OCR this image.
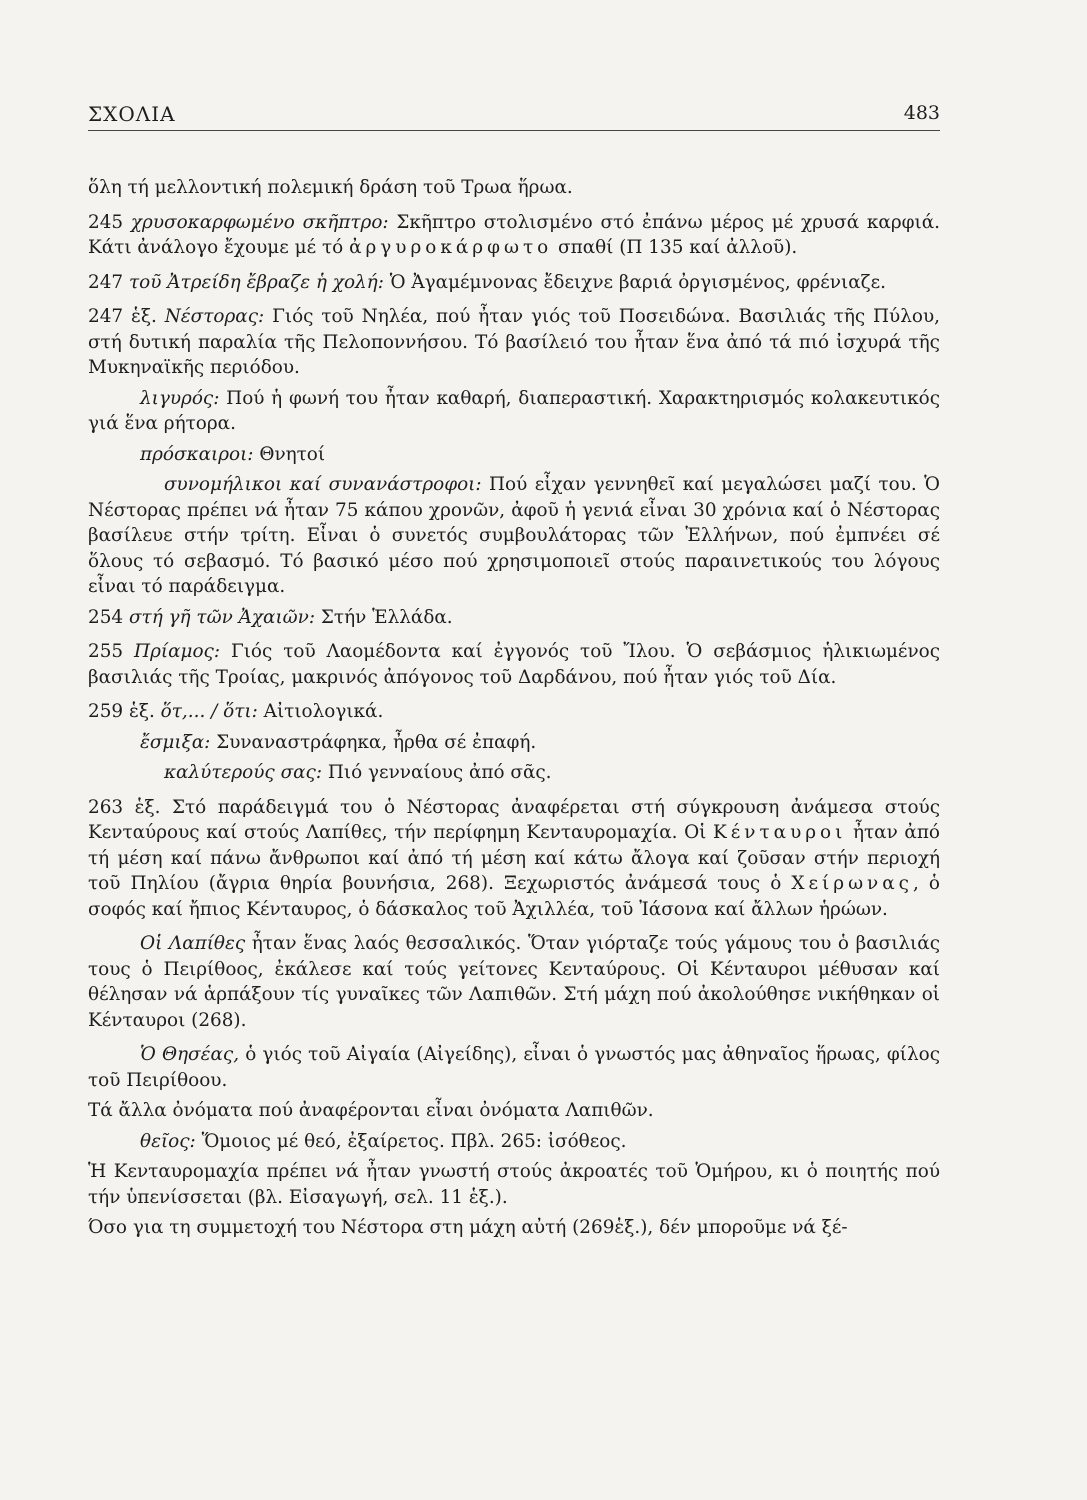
ΣΧΟΛΙΑ	483

ὅλη τή μελλοντική πολεμική δράση τοῦ Τρωα ἥρωα.

245 χρυσοκαρφωμένο σκῆπτρο: Σκῆπτρο στολισμένο στό ἐπάνω μέρος μέ χρυσά καρφιά. Κάτι ἀνάλογο ἔχουμε μέ τό ἀργυροκάρφωτο σπαθί (Π 135 καί ἀλλοῦ).

247 τοῦ Ἀτρείδη ἔβραζε ἡ χολή: Ὁ Ἀγαμέμνονας ἔδειχνε βαριά ὀργισμένος, φρένιαζε.

247 ἑξ. Νέστορας: Γιός τοῦ Νηλέα, πού ἦταν γιός τοῦ Ποσειδώνα. Βασιλιάς τῆς Πύλου, στή δυτική παραλία τῆς Πελοποννήσου. Τό βασίλειό του ἦταν ἕνα ἀπό τά πιό ἰσχυρά τῆς Μυκηναϊκῆς περιόδου.

λιγυρός: Πού ἡ φωνή του ἦταν καθαρή, διαπεραστική. Χαρακτηρισμός κολακευτικός γιά ἕνα ρήτορα.

πρόσκαιροι: Θνητοί

συνομήλικοι καί συνανάστροφοι: Πού εἶχαν γεννηθεῖ καί μεγαλώσει μαζί του. Ὁ Νέστορας πρέπει νά ἦταν 75 κάπου χρονῶν, ἀφοῦ ἡ γενιά εἶναι 30 χρόνια καί ὁ Νέστορας βασίλευε στήν τρίτη. Εἶναι ὁ συνετός συμβουλάτορας τῶν Ἑλλήνων, πού ἐμπνέει σέ ὅλους τό σεβασμό. Τό βασικό μέσο πού χρησιμοποιεῖ στούς παραινετικούς του λόγους εἶναι τό παράδειγμα.

254 στή γῆ τῶν Ἀχαιῶν: Στήν Ἑλλάδα.

255 Πρίαμος: Γιός τοῦ Λαομέδοντα καί ἐγγονός τοῦ Ἴλου. Ὁ σεβάσμιος ἡλικιωμένος βασιλιάς τῆς Τροίας, μακρινός ἀπόγονος τοῦ Δαρδάνου, πού ἦταν γιός τοῦ Δία.

259 ἑξ. ὅτ,... / ὅτι: Αἰτιολογικά.

ἔσμιξα: Συναναστράφηκα, ἦρθα σέ ἐπαφή.

καλύτερούς σας: Πιό γενναίους ἀπό σᾶς.

263 ἑξ. Στό παράδειγμά του ὁ Νέστορας ἀναφέρεται στή σύγκρουση ἀνάμεσα στούς Κενταύρους καί στούς Λαπίθες, τήν περίφημη Κενταυρομαχία. Οἱ Κένταυροι ἦταν ἀπό τή μέση καί πάνω ἄνθρωποι καί ἀπό τή μέση καί κάτω ἄλογα καί ζοῦσαν στήν περιοχή τοῦ Πηλίου (ἄγρια θηρία βουνήσια, 268). Ξεχωριστός ἀνάμεσά τους ὁ Χείρωνας, ὁ σοφός καί ἤπιος Κένταυρος, ὁ δάσκαλος τοῦ Ἀχιλλέα, τοῦ Ἰάσονα καί ἄλλων ἡρώων.

Οἱ Λαπίθες ἦταν ἕνας λαός θεσσαλικός. Ὅταν γιόρταζε τούς γάμους του ὁ βασιλιάς τους ὁ Πειρίθοος, ἐκάλεσε καί τούς γείτονες Κενταύρους. Οἱ Κένταυροι μέθυσαν καί θέλησαν νά ἁρπάξουν τίς γυναῖκες τῶν Λαπιθῶν. Στή μάχη πού ἀκολούθησε νικήθηκαν οἱ Κένταυροι (268).

Ὁ Θησέας, ὁ γιός τοῦ Αἰγαία (Αἰγείδης), εἶναι ὁ γνωστός μας ἀθηναῖος ἥρωας, φίλος τοῦ Πειρίθοου.

Τά ἄλλα ὀνόματα πού ἀναφέρονται εἶναι ὀνόματα Λαπιθῶν.

θεῖος: Ὅμοιος μέ θεό, ἐξαίρετος. Πβλ. 265: ἰσόθεος.

Ἡ Κενταυρομαχία πρέπει νά ἦταν γνωστή στούς ἀκροατές τοῦ Ὁμήρου, κι ὁ ποιητής πού τήν ὑπενίσσεται (βλ. Εἰσαγωγή, σελ. 11 ἑξ.).

Όσο για τη συμμετοχή του Νέστορα στη μάχη αὐτή (269ἑξ.), δέν μποροῦμε νά ξέ-
